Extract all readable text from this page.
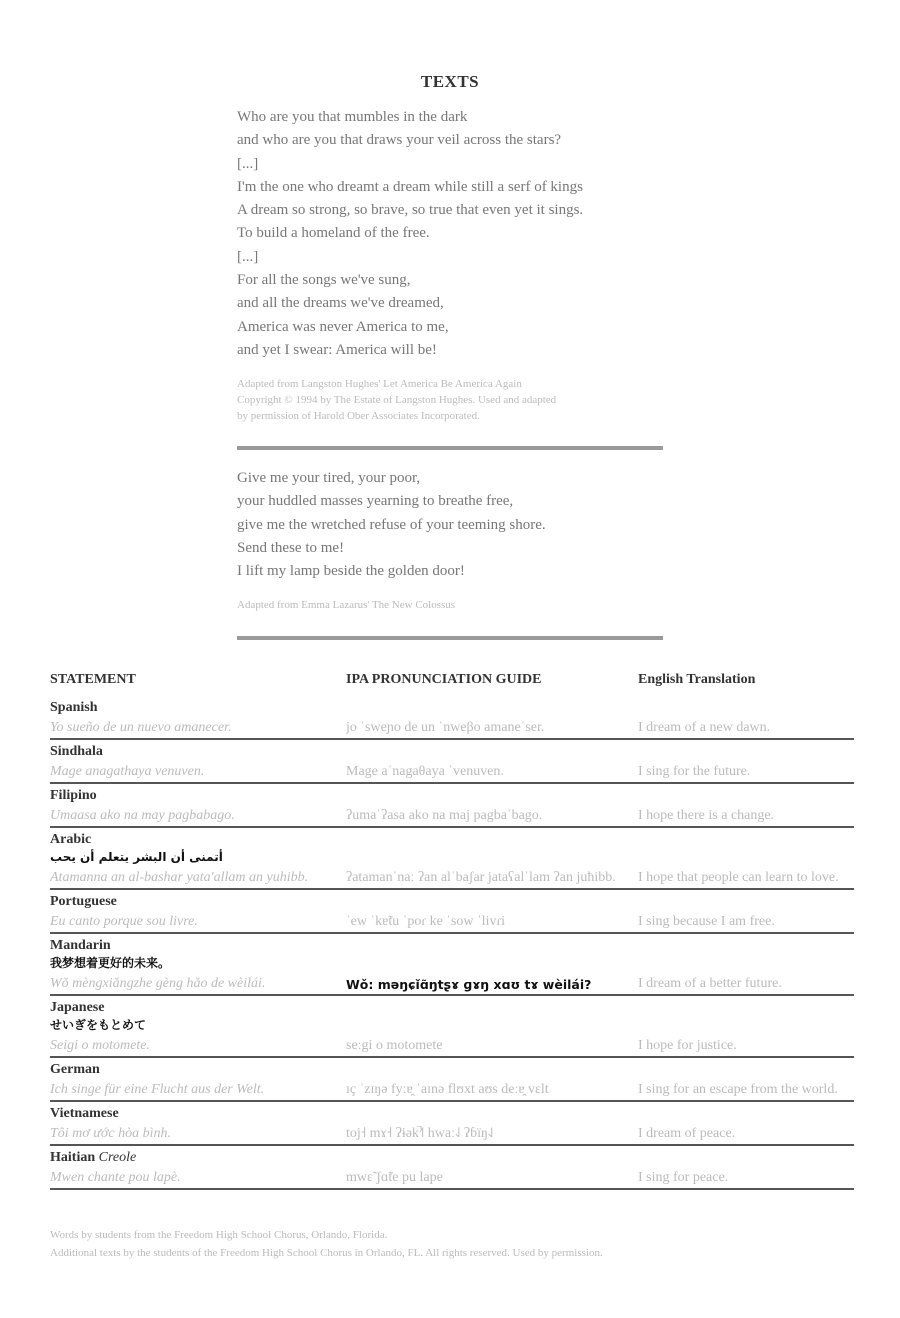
TEXTS
Who are you that mumbles in the dark
and who are you that draws your veil across the stars?
[...]
I'm the one who dreamt a dream while still a serf of kings
A dream so strong, so brave, so true that even yet it sings.
To build a homeland of the free.
[...]
For all the songs we've sung,
and all the dreams we've dreamed,
America was never America to me,
and yet I swear: America will be!
Adapted from Langston Hughes' Let America Be America Again
Copyright © 1994 by The Estate of Langston Hughes. Used and adapted
by permission of Harold Ober Associates Incorporated.
Give me your tired, your poor,
your huddled masses yearning to breathe free,
give me the wretched refuse of your teeming shore.
Send these to me!
I lift my lamp beside the golden door!
Adapted from Emma Lazarus' The New Colossus
STATEMENT	IPA PRONUNCIATION GUIDE	English Translation
Spanish
Yo sueño de un nuevo amanecer.	jo ˈsweɲo de un ˈnweβo amaneˈser.	I dream of a new dawn.
Sindhala
Mage anagathaya venuven.	Mage aˈnagaθaya ˈvenuven.	I sing for the future.
Filipino
Umaasa ako na may pagbabago.	ʔumaˈʔasa ako na maj pagbaˈbago.	I hope there is a change.
Arabic
أتمنى أن البشر يتعلم أن يحب
Atamanna an al-bashar yata'allam an yuhibb.	ʔatamanˈnaː ʔan alˈbaʃar jataʕalˈlam ʔan juħibb.	I hope that people can learn to love.
Portuguese
Eu canto porque sou livre.	ˈew ˈkɐ̃tu ˈpoɾ ke ˈsow ˈlivɾi	I sing because I am free.
Mandarin
我梦想着更好的未来。
Wǒ mèngxiǎngzhe gèng hǎo de wèilái.	Wǒ: məŋɕǐɑ̃ŋtʂɤ ɡɤŋ xɑʊ tɤ wèilái?	I dream of a better future.
Japanese
せいぎをもとめて
Seigi o motomete.	seːgi o motomete	I hope for justice.
German
Ich singe für eine Flucht aus der Welt.	ɪç ˈzɪŋə fyːɐ̯ ˈaɪnə flʊxt aʊs deːɐ̯ vɛlt	I sing for an escape from the world.
Vietnamese
Tôi mơ ước hòa bình.	toj˧ mɤ˧ ʔɨək̚˧˥ hwaː˨˩ ʔɓïŋ˨˩	I dream of peace.
Haitian Creole
Mwen chante pou lapè.	mwɛ̃ ʃɑ̃te pu lape	I sing for peace.
Words by students from the Freedom High School Chorus, Orlando, Florida.
Additional texts by the students of the Freedom High School Chorus in Orlando, FL. All rights reserved. Used by permission.
